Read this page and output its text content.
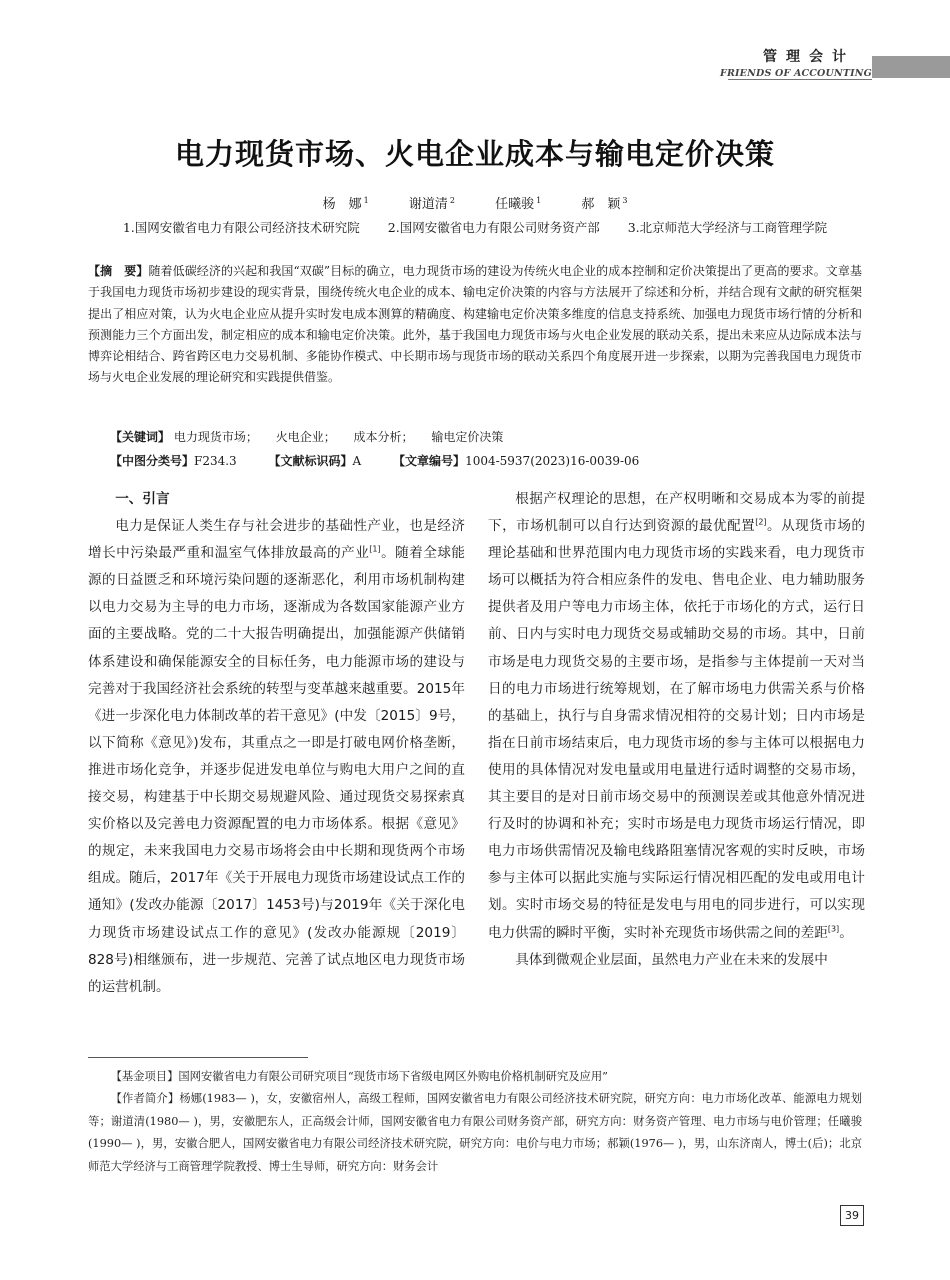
管理会计
FRIENDS OF ACCOUNTING
电力现货市场、火电企业成本与输电定价决策
杨　娜 $^1$	谢道清 $^2$	任曦骏 $^1$	郝　颖 $^3$
1.国网安徽省电力有限公司经济技术研究院 2.国网安徽省电力有限公司财务资产部 3.北京师范大学经济与工商管理学院
【摘　要】随着低碳经济的兴起和我国“双碳”目标的确立，电力现货市场的建设为传统火电企业的成本控制和定价决策提出了更高的要求。文章基于我国电力现货市场初步建设的现实背景，围绕传统火电企业的成本、输电定价决策的内容与方法展开了综述和分析，并结合现有文献的研究框架提出了相应对策，认为火电企业应从提升实时发电成本测算的精确度、构建输电定价决策多维度的信息支持系统、加强电力现货市场行情的分析和预测能力三个方面出发，制定相应的成本和输电定价决策。此外，基于我国电力现货市场与火电企业发展的联动关系，提出未来应从边际成本法与博弈论相结合、跨省跨区电力交易机制、多能协作模式、中长期市场与现货市场的联动关系四个角度展开进一步探索，以期为完善我国电力现货市场与火电企业发展的理论研究和实践提供借鉴。
【关键词】 电力现货市场； 火电企业； 成本分析； 输电定价决策
【中图分类号】F234.3	【文献标识码】A	【文章编号】1004-5937(2023)16-0039-06

一、引言

电力是保证人类生存与社会进步的基础性产业，也是经济增长中污染最严重和温室气体排放最高的产业[1]。随着全球能源的日益匮乏和环境污染问题的逐渐恶化，利用市场机制构建以电力交易为主导的电力市场，逐渐成为各数国家能源产业方面的主要战略。党的二十大报告明确提出，加强能源产供储销体系建设和确保能源安全的目标任务，电力能源市场的建设与完善对于我国经济社会系统的转型与变革越来越重要。2015年《进一步深化电力体制改革的若干意见》(中发〔2015〕9号，以下简称《意见》)发布，其重点之一即是打破电网价格垄断，推进市场化竞争，并逐步促进发电单位与购电大用户之间的直接交易，构建基于中长期交易规避风险、通过现货交易探索真实价格以及完善电力资源配置的电力市场体系。根据《意见》的规定，未来我国电力交易市场将会由中长期和现货两个市场组成。随后，2017年《关于开展电力现货市场建设试点工作的通知》(发改办能源〔2017〕1453号)与2019年《关于深化电力现货市场建设试点工作的意见》(发改办能源规〔2019〕828号)相继颁布，进一步规范、完善了试点地区电力现货市场的运营机制。

根据产权理论的思想，在产权明晰和交易成本为零的前提下，市场机制可以自行达到资源的最优配置[2]。从现货市场的理论基础和世界范围内电力现货市场的实践来看，电力现货市场可以概括为符合相应条件的发电、售电企业、电力辅助服务提供者及用户等电力市场主体，依托于市场化的方式，运行日前、日内与实时电力现货交易或辅助交易的市场。其中，日前市场是电力现货交易的主要市场，是指参与主体提前一天对当日的电力市场进行统筹规划，在了解市场电力供需关系与价格的基础上，执行与自身需求情况相符的交易计划；日内市场是指在日前市场结束后，电力现货市场的参与主体可以根据电力使用的具体情况对发电量或用电量进行适时调整的交易市场，其主要目的是对日前市场交易中的预测误差或其他意外情况进行及时的协调和补充；实时市场是电力现货市场运行情况，即电力市场供需情况及输电线路阻塞情况客观的实时反映，市场参与主体可以据此实施与实际运行情况相匹配的发电或用电计划。实时市场交易的特征是发电与用电的同步进行，可以实现电力供需的瞬时平衡，实时补充现货市场供需之间的差距[3]。

具体到微观企业层面，虽然电力产业在未来的发展中

【基金项目】国网安徽省电力有限公司研究项目“现货市场下省级电网区外购电价格机制研究及应用”

【作者简介】杨娜(1983— )，女，安徽宿州人，高级工程师，国网安徽省电力有限公司经济技术研究院，研究方向：电力市场化改革、能源电力规划等；谢道清(1980— )，男，安徽肥东人，正高级会计师，国网安徽省电力有限公司财务资产部，研究方向：财务资产管理、电力市场与电价管理；任曦骏(1990— )，男，安徽合肥人，国网安徽省电力有限公司经济技术研究院，研究方向：电价与电力市场；郝颖(1976— )，男，山东济南人，博士(后)；北京师范大学经济与工商管理学院教授、博士生导师，研究方向：财务会计

39
